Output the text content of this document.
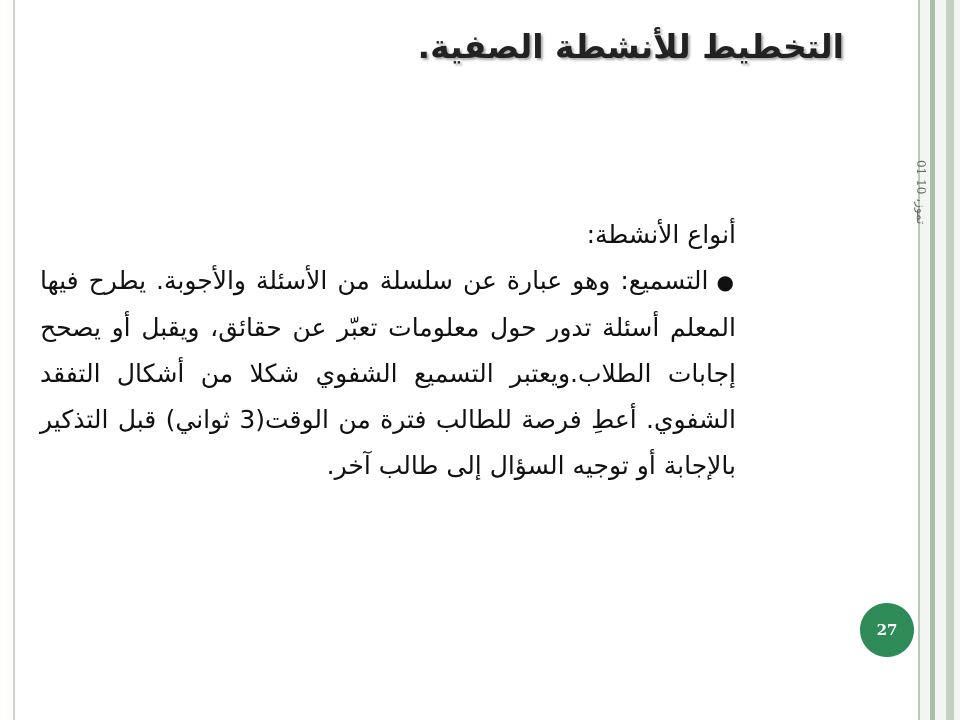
التخطيط للأنشطة الصفية.
01 تموز، 10
أنواع الأنشطة:
●التسميع: وهو عبارة عن سلسلة من الأسئلة والأجوبة. يطرح فيها المعلم أسئلة تدور حول معلومات تعبّر عن حقائق، ويقبل أو يصحح إجابات الطلاب.ويعتبر التسميع الشفوي شكلا من أشكال التفقد الشفوي. أعطِ فرصة للطالب فترة من الوقت(3 ثواني) قبل التذكير بالإجابة أو توجيه السؤال إلى طالب آخر.
27
